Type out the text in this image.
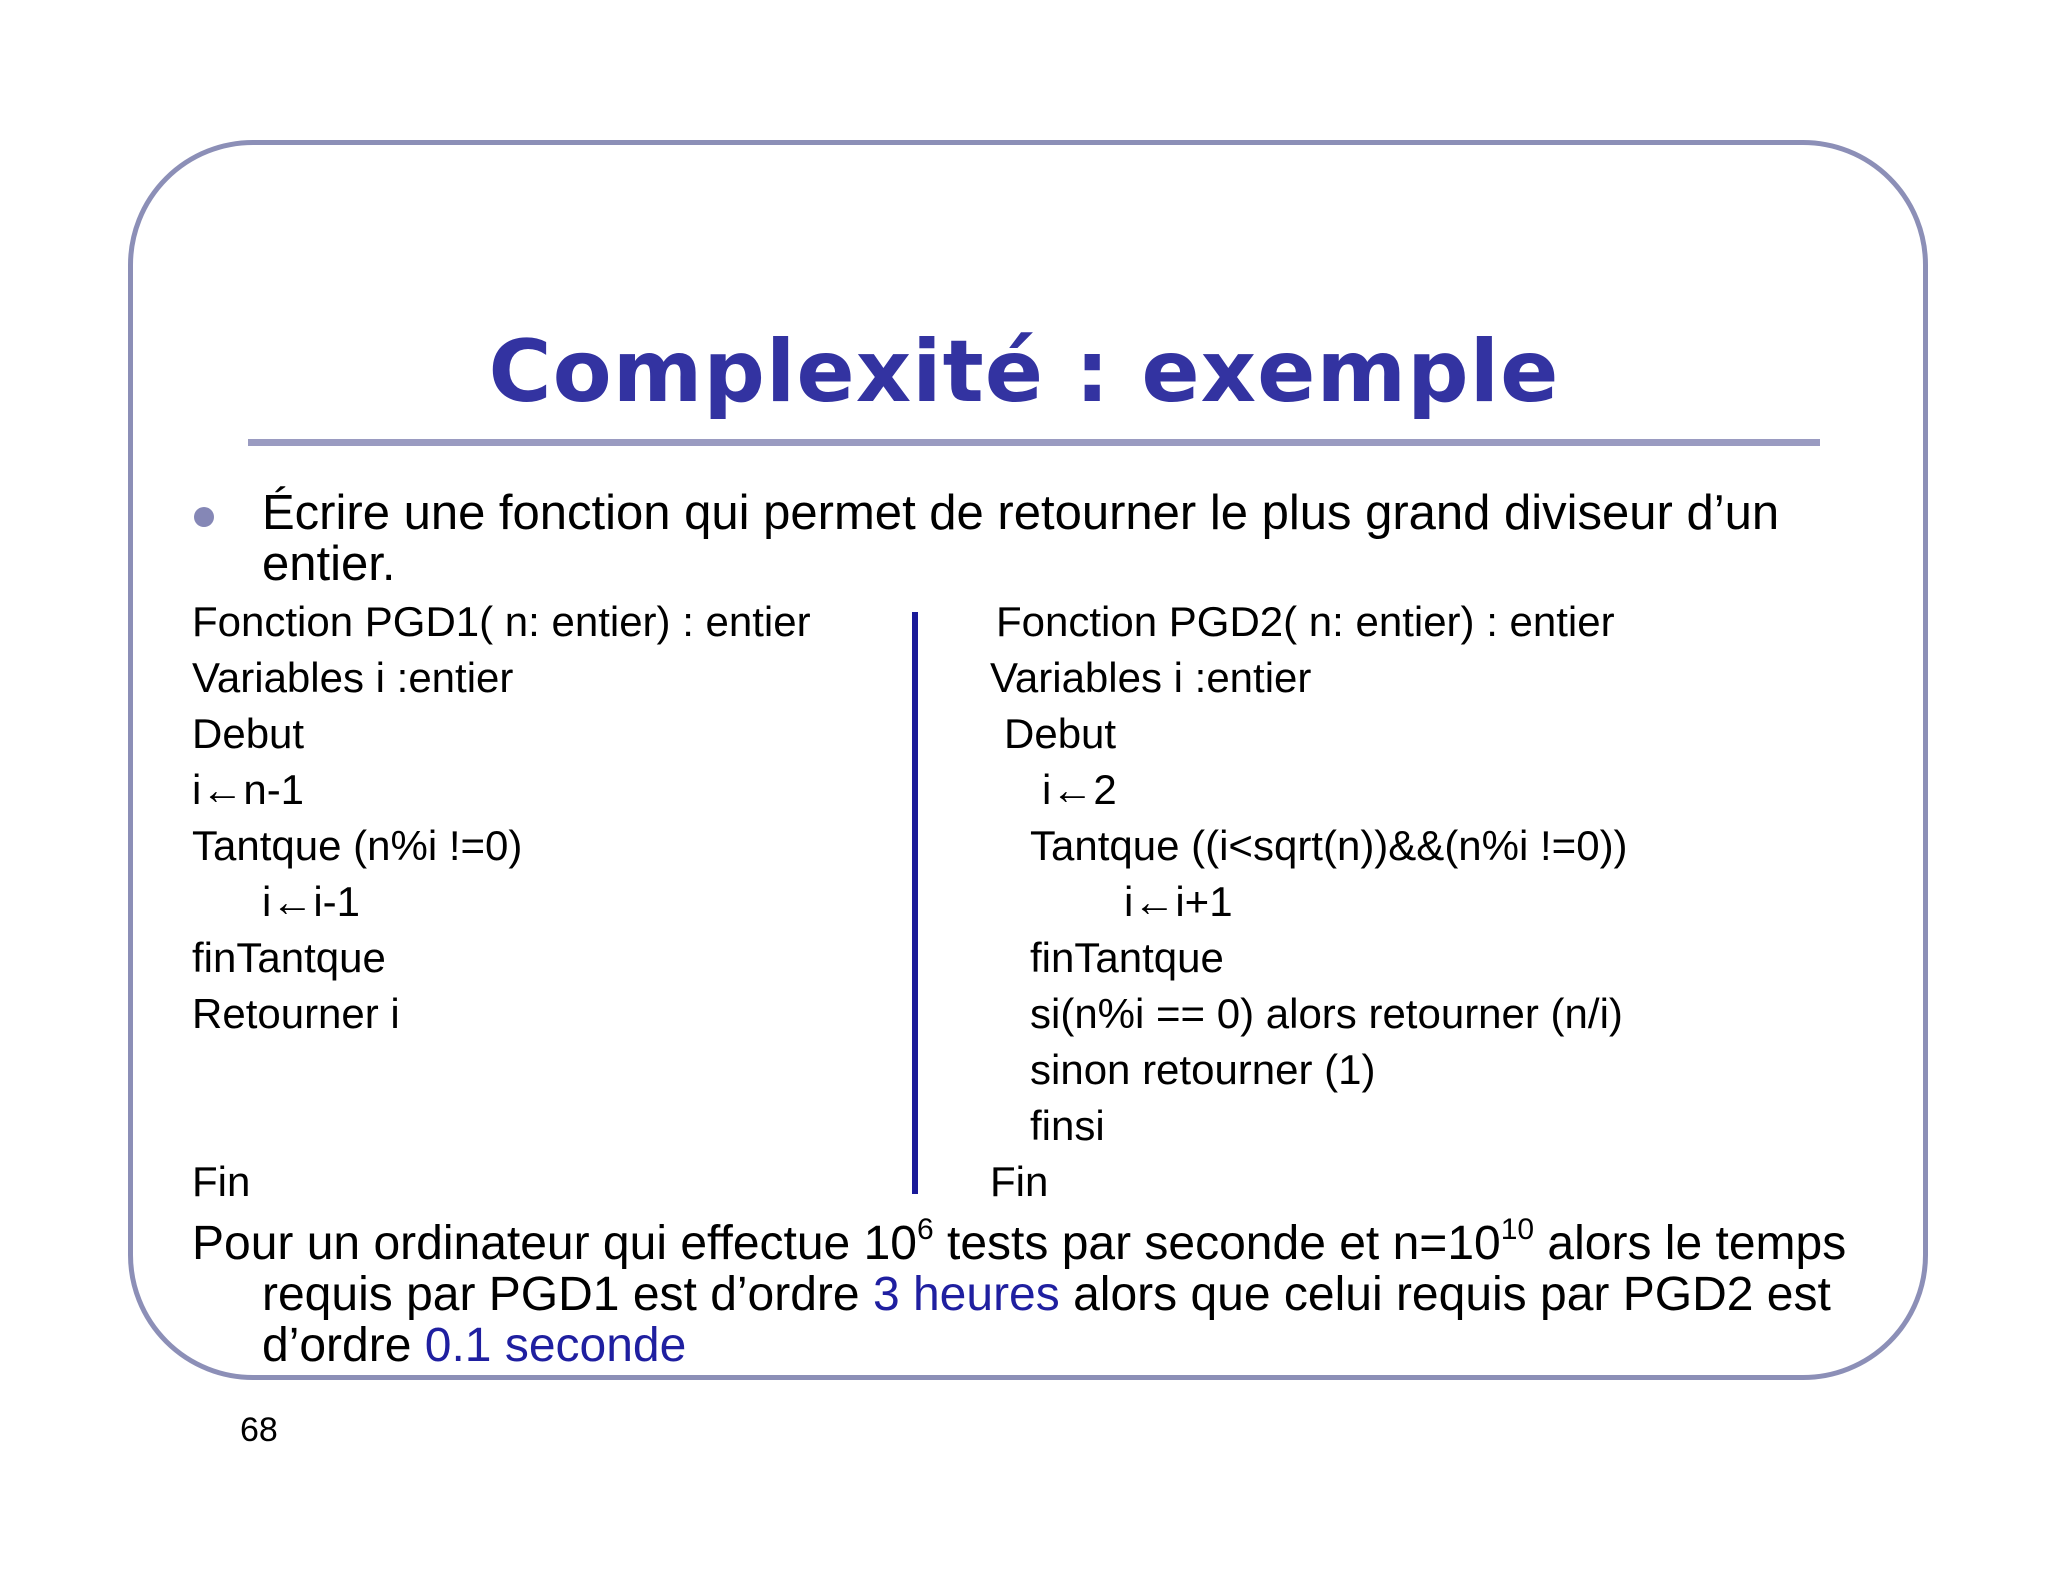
Complexité : exemple
Écrire une fonction qui permet de retourner le plus grand diviseur d’un entier.
Fonction PGD1( n: entier) : entier
Variables i :entier
Debut
i←n-1
Tantque (n%i !=0)
i←i-1
finTantque
Retourner i
Fin
Fonction PGD2( n: entier) : entier
Variables i :entier
Debut
i←2
Tantque ((i<sqrt(n))&&(n%i !=0))
i←i+1
finTantque
si(n%i == 0) alors retourner (n/i)
sinon retourner (1)
finsi
Fin
Pour un ordinateur qui effectue $10^6$ tests par seconde et $n=10^{10}$ alors le temps requis par PGD1 est d’ordre 3 heures alors que celui requis par PGD2 est d’ordre 0.1 seconde
68
